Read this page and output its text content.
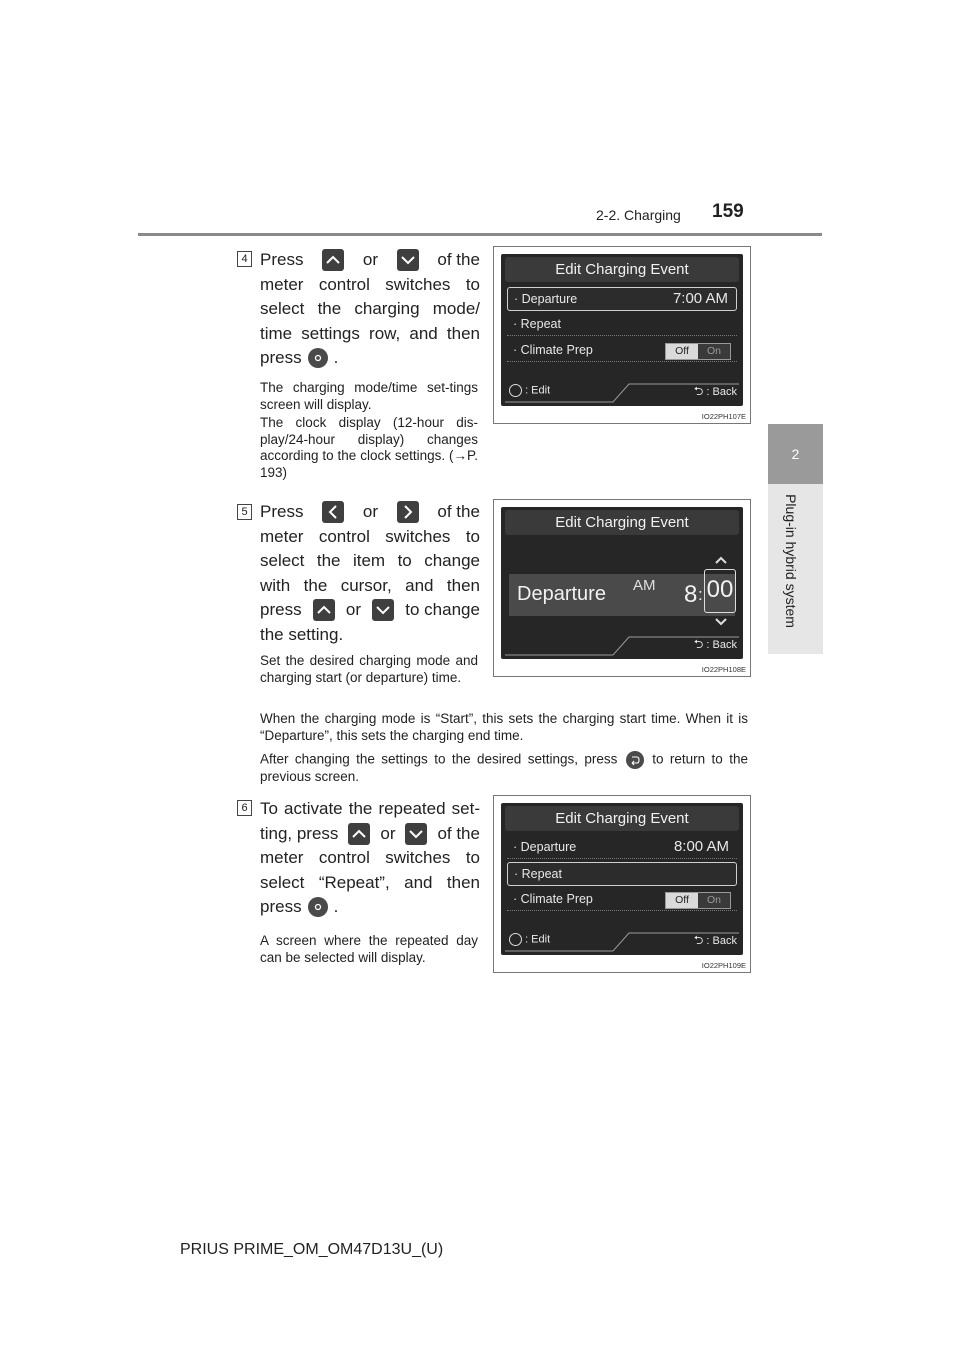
2-2. Charging 159
2
Plug-in hybrid system
4 Press	or	of the
meter control switches to
select the charging mode/
time settings row, and then
press .
The charging mode/time set-tings screen will display.
The clock display (12-hour dis-play/24-hour display) changes according to the clock settings. (→P. 193)
Edit Charging Event
· Departure	7:00 AM
· Repeat
· Climate Prep	Off	On
: Edit	⮌ : Back
IO22PH107E
5 Press	or	of the
meter control switches to
select the item to change
with the cursor, and then
press	or	to change
the setting.
Set the desired charging mode and charging start (or departure) time.
When the charging mode is “Start”, this sets the charging start time. When it is “Departure”, this sets the charging end time.
After changing the settings to the desired settings, press	to return to the previous screen.
Edit Charging Event
Departure AM 8 : 00
⮌ : Back
IO22PH108E
6 To activate the repeated set-
ting, press or of the
meter control switches to
select “Repeat”, and then
press .
A screen where the repeated day can be selected will display.
Edit Charging Event
· Departure	8:00 AM
· Repeat
· Climate Prep	Off	On
: Edit	⮌ : Back
IO22PH109E
PRIUS PRIME_OM_OM47D13U_(U)
